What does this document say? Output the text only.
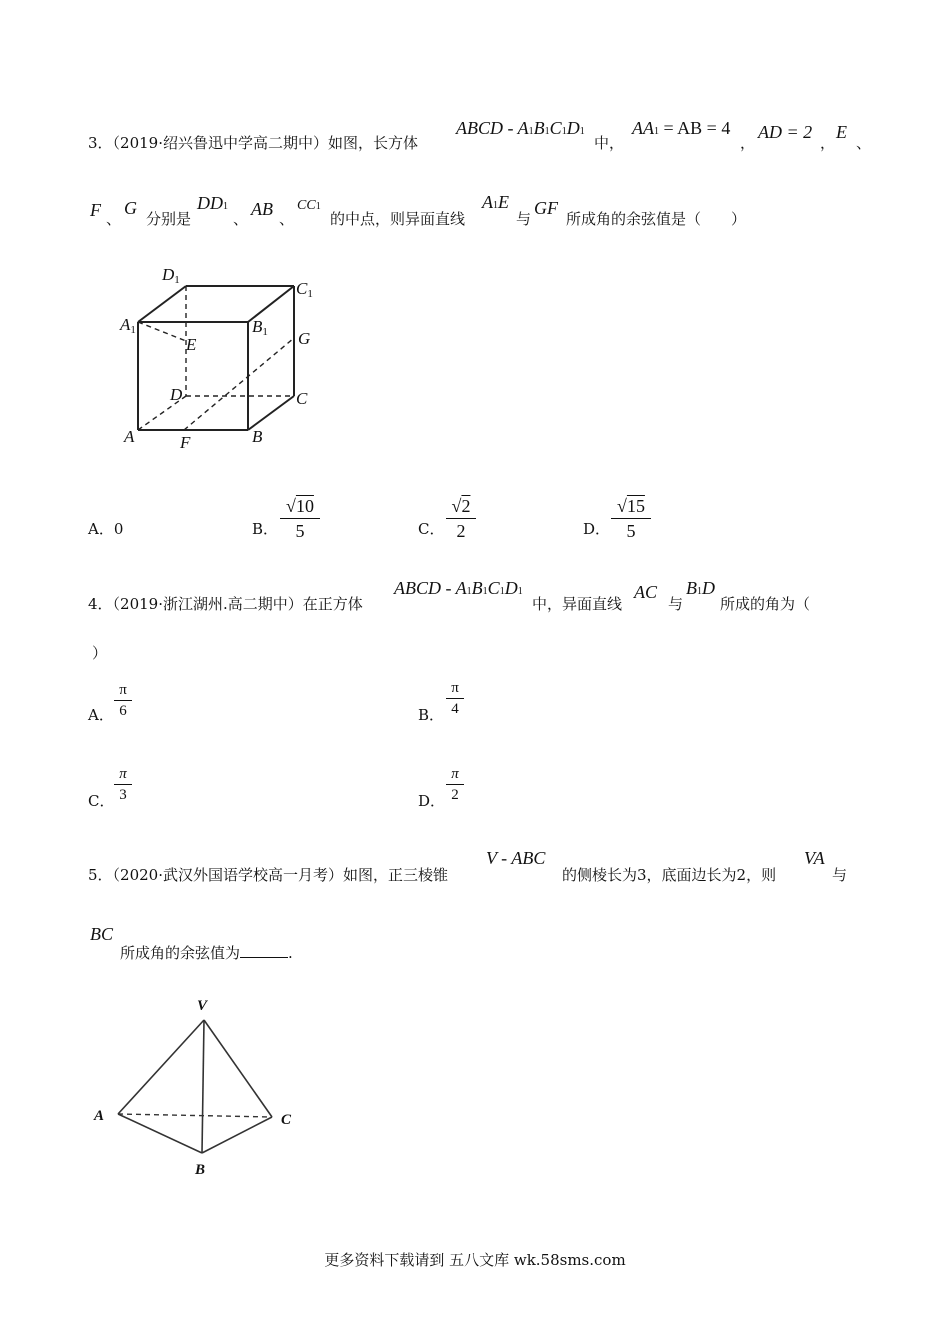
3．（2019·绍兴鲁迅中学高二期中）如图，长方体
ABCD - A1B1C1D1
中，
AA1 = AB = 4
，
AD = 2
，
E
、
F 、
G
分别是
DD1
、 AB 、
CC1
的中点，则异面直线
A1E
与
GF
所成角的余弦值是（　　）
D1	C1
A1	B1
E	G
D	C
A	F	B
A．0	B． $\frac{√10}{5}$	C． $\frac{√2}{2}$	D． $\frac{√15}{5}$
4．（2019·浙江湖州.高二期中）在正方体
ABCD - A1B1C1D1
中，异面直线
AC
与
B1D
所成的角为（
）
A． $\frac{\pi}{6}$	B． $\frac{\pi}{4}$
C． $\frac{\pi}{3}$	D． $\frac{\pi}{2}$
5．（2020·武汉外国语学校高一月考）如图，正三棱锥
V - ABC
的侧棱长为3，底面边长为2，则
VA
与
BC
所成角的余弦值为	.
V
A
B
C
更多资料下载请到 五八文库 wk.58sms.com
